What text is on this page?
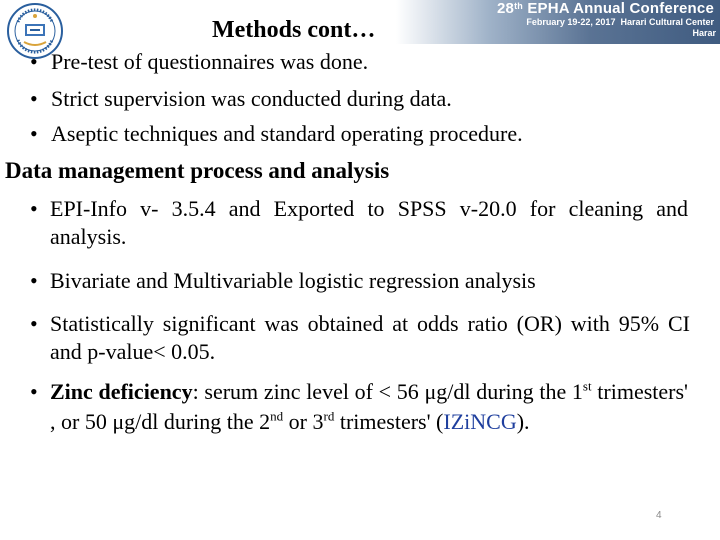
28th EPHA Annual Conference
February 19-22, 2017 Harari Cultural Center
Harar
Methods cont…
• Pre-test of questionnaires was done.
• Strict supervision was conducted during data.
• Aseptic techniques and standard operating procedure.
Data management process and analysis
• EPI-Info v- 3.5.4 and Exported to SPSS v-20.0 for cleaning and analysis.
• Bivariate and Multivariable logistic regression analysis
• Statistically significant was obtained at odds ratio (OR) with 95% CI and p-value< 0.05.
• Zinc deficiency: serum zinc level of < 56 μg/dl during the 1st trimesters' , or 50 μg/dl during the 2nd or 3rd trimesters' (IZiNCG).
4
